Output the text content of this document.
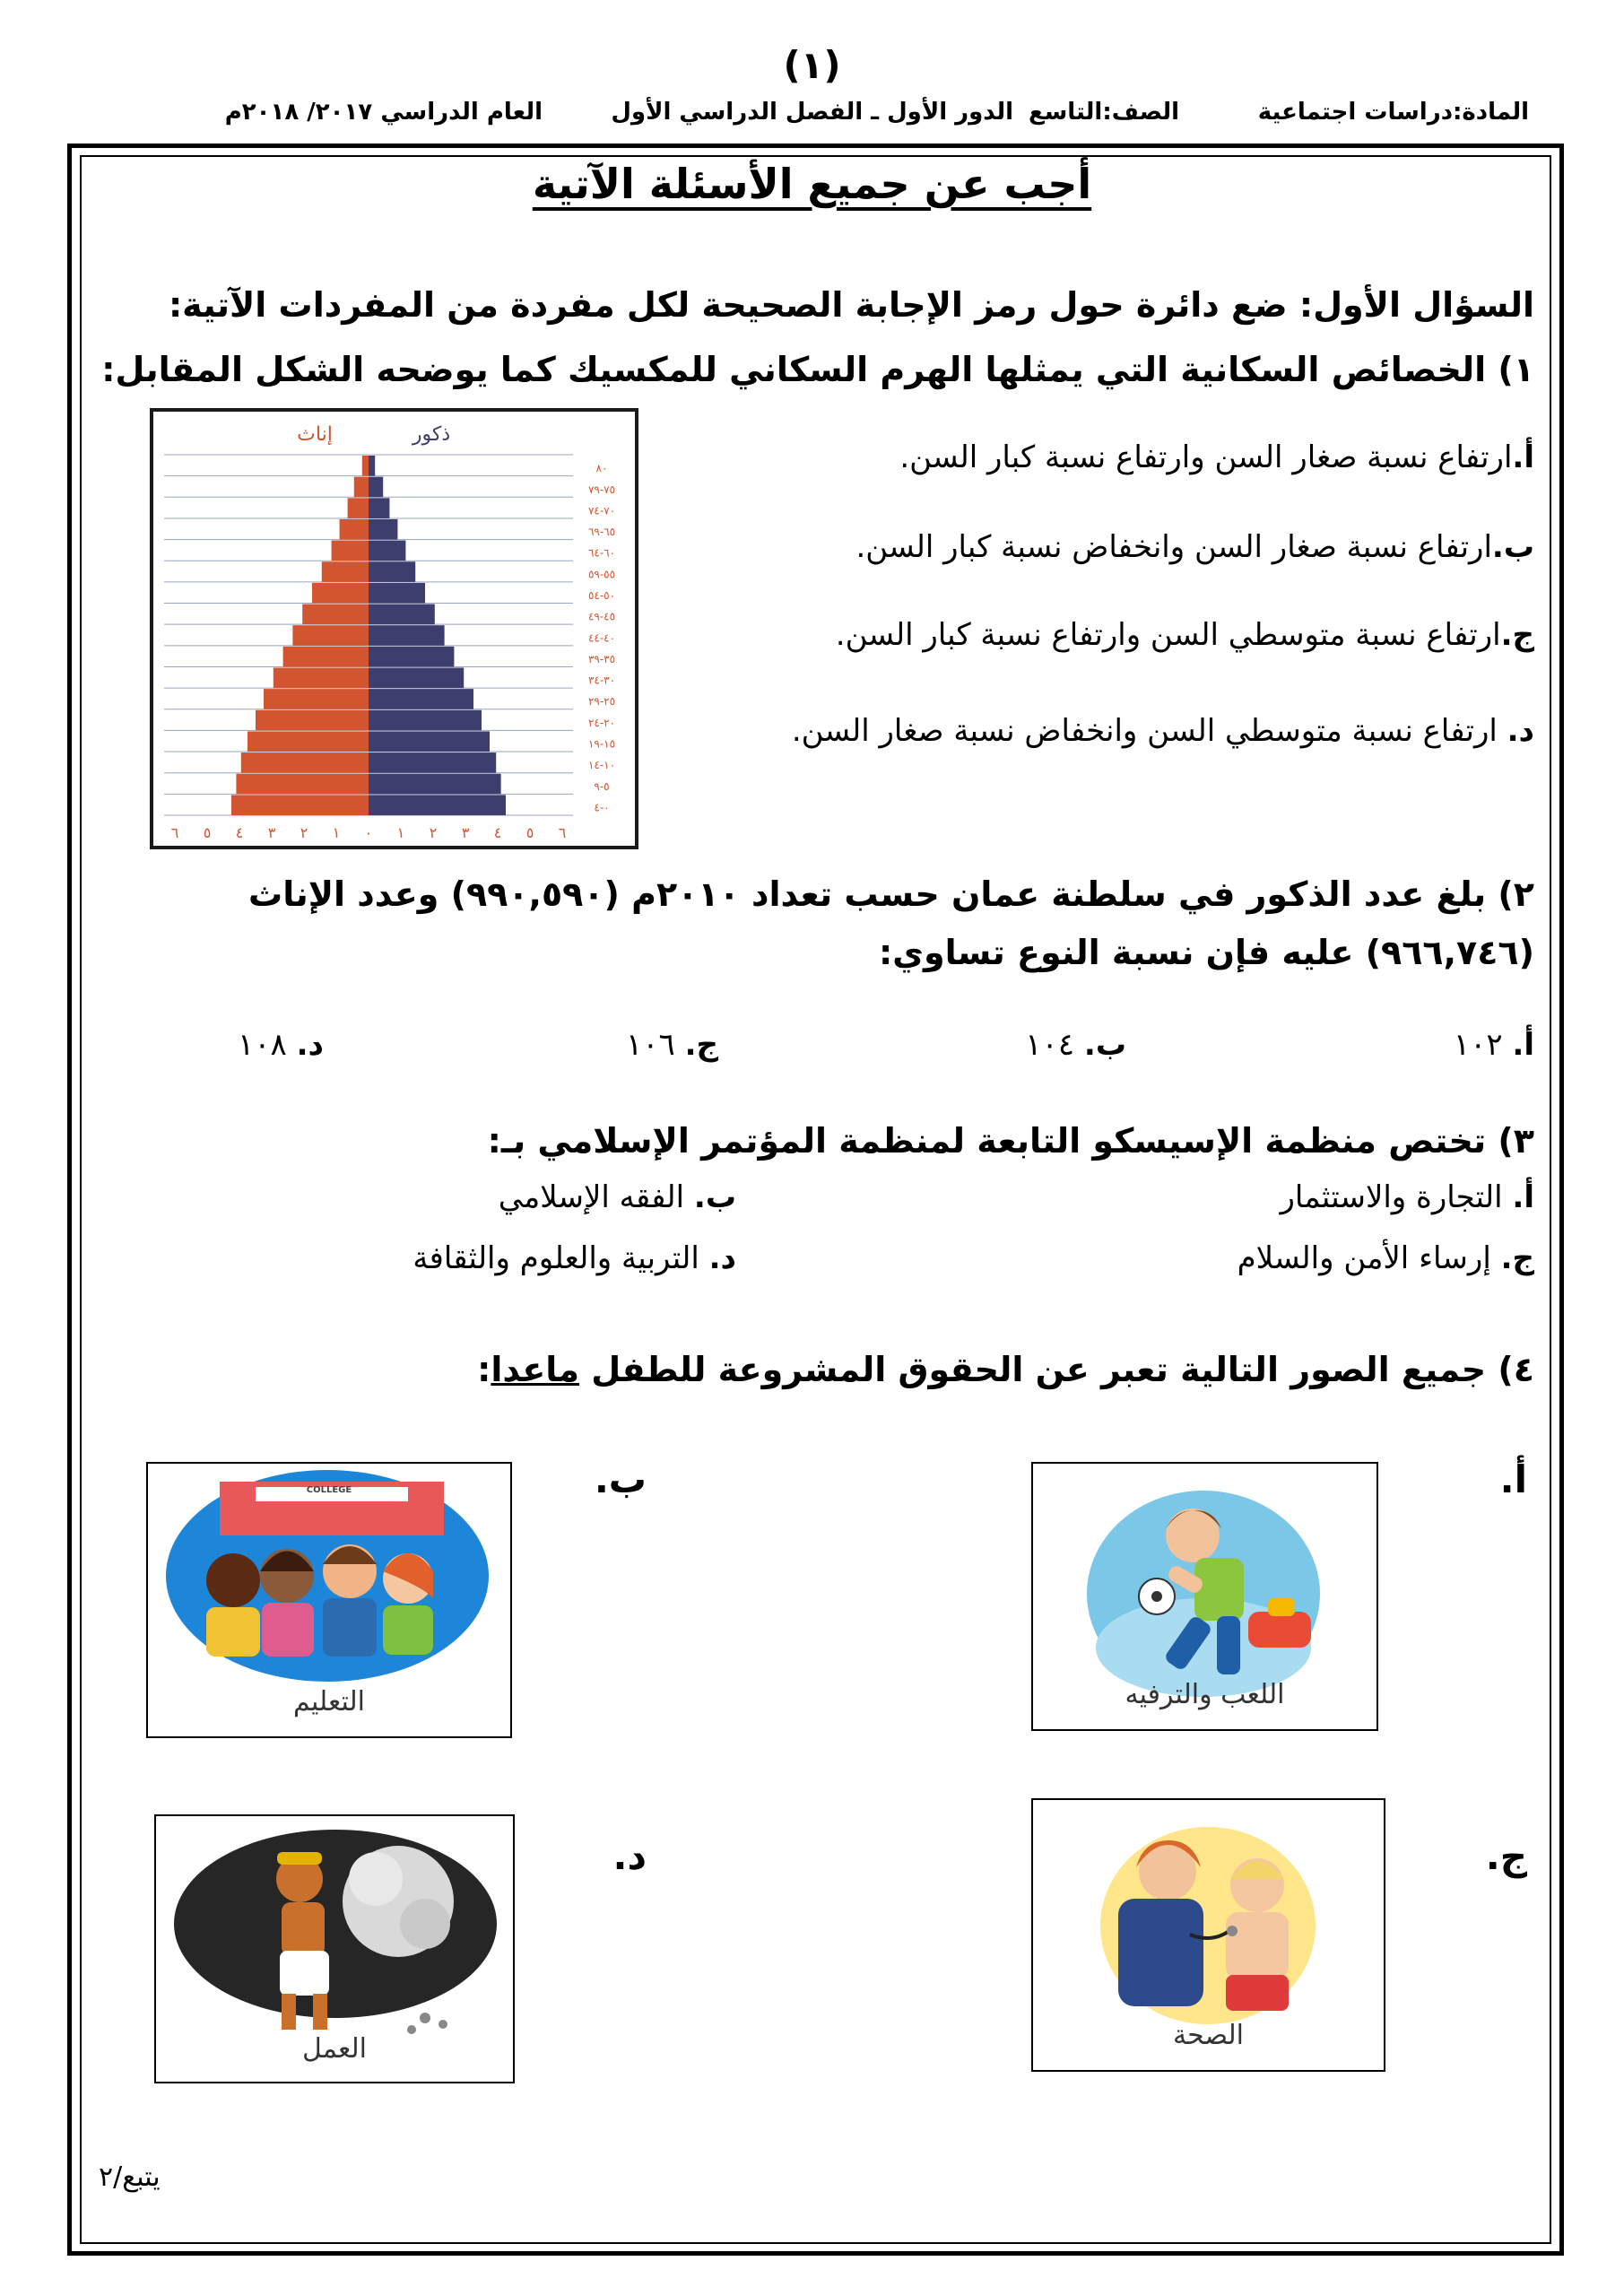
(١)
المادة:دراسات اجتماعية
الصف:التاسع
الدور الأول ـ الفصل الدراسي الأول
العام الدراسي ٢٠١٧/ ٢٠١٨م
أجب عن جميع الأسئلة الآتية
السؤال الأول: ضع دائرة حول رمز الإجابة الصحيحة لكل مفردة من المفردات الآتية:
١) الخصائص السكانية التي يمثلها الهرم السكاني للمكسيك كما يوضحه الشكل المقابل:
أ.ارتفاع نسبة صغار السن وارتفاع نسبة كبار السن.
ب.ارتفاع نسبة صغار السن وانخفاض نسبة كبار السن.
ج.ارتفاع نسبة متوسطي السن وارتفاع نسبة كبار السن.
د. ارتفاع نسبة متوسطي السن وانخفاض نسبة صغار السن.
إناث	ذكور
٨٠
٧٥-٧٩
٧٠-٧٤
٦٥-٦٩
٦٠-٦٤
٥٥-٥٩
٥٠-٥٤
٤٥-٤٩
٤٠-٤٤
٣٥-٣٩
٣٠-٣٤
٢٥-٢٩
٢٠-٢٤
١٥-١٩
١٠-١٤
٥-٩
٠-٤
٦ ٥ ٤ ٣ ٢ ١ ٠ ١ ٢ ٣ ٤ ٥ ٦
٢) بلغ عدد الذكور في سلطنة عمان حسب تعداد ٢٠١٠م (٩٩٠,٥٩٠) وعدد الإناث
(٩٦٦,٧٤٦) عليه فإن نسبة النوع تساوي:
أ. ١٠٢
ب. ١٠٤
ج. ١٠٦
د. ١٠٨
٣) تختص منظمة الإسيسكو التابعة لمنظمة المؤتمر الإسلامي بـ:
أ. التجارة والاستثمار
ب. الفقه الإسلامي
ج. إرساء الأمن والسلام
د. التربية والعلوم والثقافة
٤) جميع الصور التالية تعبر عن الحقوق المشروعة للطفل ماعدا:
أ.
ب.
ج.
د.
اللعب والترفيه
COLLEGE
التعليم
الصحة
العمل
يتبع/٢
